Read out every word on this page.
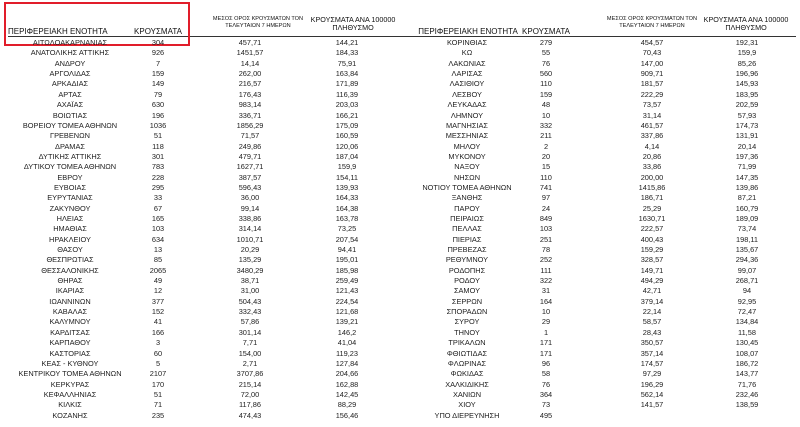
ΠΕΡΙΦΕΡΕΙΑΚΗ ΕΝΟΤΗΤΑ	ΚΡΟΥΣΜΑΤΑ
ΜΕΣΟΣ ΟΡΟΣ ΚΡΟΥΣΜΑΤΩΝ ΤΟΝ ΤΕΛΕΥΤΑΙΩΝ 7 ΗΜΕΡΩΝ
ΚΡΟΥΣΜΑΤΑ ΑΝΑ 100000 ΠΛΗΘΥΣΜΟ	ΠΕΡΙΦΕΡΕΙΑΚΗ ΕΝΟΤΗΤΑ ΚΡΟΥΣΜΑΤΑ
ΜΕΣΟΣ ΟΡΟΣ ΚΡΟΥΣΜΑΤΩΝ ΤΟΝ ΤΕΛΕΥΤΑΙΩΝ 7 ΗΜΕΡΩΝ
ΚΡΟΥΣΜΑΤΑ ΑΝΑ 100000 ΠΛΗΘΥΣΜΟ
ΑΙΤΩΛΟΑΚΑΡΝΑΝΙΑΣ	304	457,71	144,21
ΑΝΑΤΟΛΙΚΗΣ ΑΤΤΙΚΗΣ	926	1451,57	184,33
ΑΝΔΡΟΥ	7	14,14	75,91
ΑΡΓΟΛΙΔΑΣ	159	262,00	163,84
ΑΡΚΑΔΙΑΣ	149	216,57	171,89
ΑΡΤΑΣ	79	176,43	116,39
ΑΧΑΪΑΣ	630	983,14	203,03
ΒΟΙΩΤΙΑΣ	196	336,71	166,21
ΒΟΡΕΙΟΥ ΤΟΜΕΑ ΑΘΗΝΩΝ	1036	1856,29	175,09
ΓΡΕΒΕΝΩΝ	51	71,57	160,59
ΔΡΑΜΑΣ	118	249,86	120,06
ΔΥΤΙΚΗΣ ΑΤΤΙΚΗΣ	301	479,71	187,04
ΔΥΤΙΚΟΥ ΤΟΜΕΑ ΑΘΗΝΩΝ	783	1627,71	159,9
ΕΒΡΟΥ	228	387,57	154,11
ΕΥΒΟΙΑΣ	295	596,43	139,93
ΕΥΡΥΤΑΝΙΑΣ	33	36,00	164,33
ΖΑΚΥΝΘΟΥ	67	99,14	164,38
ΗΛΕΙΑΣ	165	338,86	163,78
ΗΜΑΘΙΑΣ	103	314,14	73,25
ΗΡΑΚΛΕΙΟΥ	634	1010,71	207,54
ΘΑΣΟΥ	13	20,29	94,41
ΘΕΣΠΡΩΤΙΑΣ	85	135,29	195,01
ΘΕΣΣΑΛΟΝΙΚΗΣ	2065	3480,29	185,98
ΘΗΡΑΣ	49	38,71	259,49
ΙΚΑΡΙΑΣ	12	31,00	121,43
ΙΩΑΝΝΙΝΩΝ	377	504,43	224,54
ΚΑΒΑΛΑΣ	152	332,43	121,68
ΚΑΛΥΜΝΟΥ	41	57,86	139,21
ΚΑΡΔΙΤΣΑΣ	166	301,14	146,2
ΚΑΡΠΑΘΟΥ	3	7,71	41,04
ΚΑΣΤΟΡΙΑΣ	60	154,00	119,23
ΚΕΑΣ - ΚΥΘΝΟΥ	5	2,71	127,84
ΚΕΝΤΡΙΚΟΥ ΤΟΜΕΑ ΑΘΗΝΩΝ	2107	3707,86	204,66
ΚΕΡΚΥΡΑΣ	170	215,14	162,88
ΚΕΦΑΛΛΗΝΙΑΣ	51	72,00	142,45
ΚΙΛΚΙΣ	71	117,86	88,29
ΚΟΖΑΝΗΣ	235	474,43	156,46
ΚΟΡΙΝΘΙΑΣ	279	454,57	192,31
ΚΩ	55	70,43	159,9
ΛΑΚΩΝΙΑΣ	76	147,00	85,26
ΛΑΡΙΣΑΣ	560	909,71	196,96
ΛΑΣΙΘΙΟΥ	110	181,57	145,93
ΛΕΣΒΟΥ	159	222,29	183,95
ΛΕΥΚΑΔΑΣ	48	73,57	202,59
ΛΗΜΝΟΥ	10	31,14	57,93
ΜΑΓΝΗΣΙΑΣ	332	461,57	174,73
ΜΕΣΣΗΝΙΑΣ	211	337,86	131,91
ΜΗΛΟΥ	2	4,14	20,14
ΜΥΚΟΝΟΥ	20	20,86	197,36
ΝΑΞΟΥ	15	33,86	71,99
ΝΗΣΩΝ	110	200,00	147,35
ΝΟΤΙΟΥ ΤΟΜΕΑ ΑΘΗΝΩΝ	741	1415,86	139,86
ΞΑΝΘΗΣ	97	186,71	87,21
ΠΑΡΟΥ	24	25,29	160,79
ΠΕΙΡΑΙΩΣ	849	1630,71	189,09
ΠΕΛΛΑΣ	103	222,57	73,74
ΠΙΕΡΙΑΣ	251	400,43	198,11
ΠΡΕΒΕΖΑΣ	78	159,29	135,67
ΡΕΘΥΜΝΟΥ	252	328,57	294,36
ΡΟΔΟΠΗΣ	111	149,71	99,07
ΡΟΔΟΥ	322	494,29	268,71
ΣΑΜΟΥ	31	42,71	94
ΣΕΡΡΩΝ	164	379,14	92,95
ΣΠΟΡΑΔΩΝ	10	22,14	72,47
ΣΥΡΟΥ	29	58,57	134,84
ΤΗΝΟΥ	1	28,43	11,58
ΤΡΙΚΑΛΩΝ	171	350,57	130,45
ΦΘΙΩΤΙΔΑΣ	171	357,14	108,07
ΦΛΩΡΙΝΑΣ	96	174,57	186,72
ΦΩΚΙΔΑΣ	58	97,29	143,77
ΧΑΛΚΙΔΙΚΗΣ	76	196,29	71,76
ΧΑΝΙΩΝ	364	562,14	232,46
ΧΙΟΥ	73	141,57	138,59
ΥΠΟ ΔΙΕΡΕΥΝΗΣΗ	495
